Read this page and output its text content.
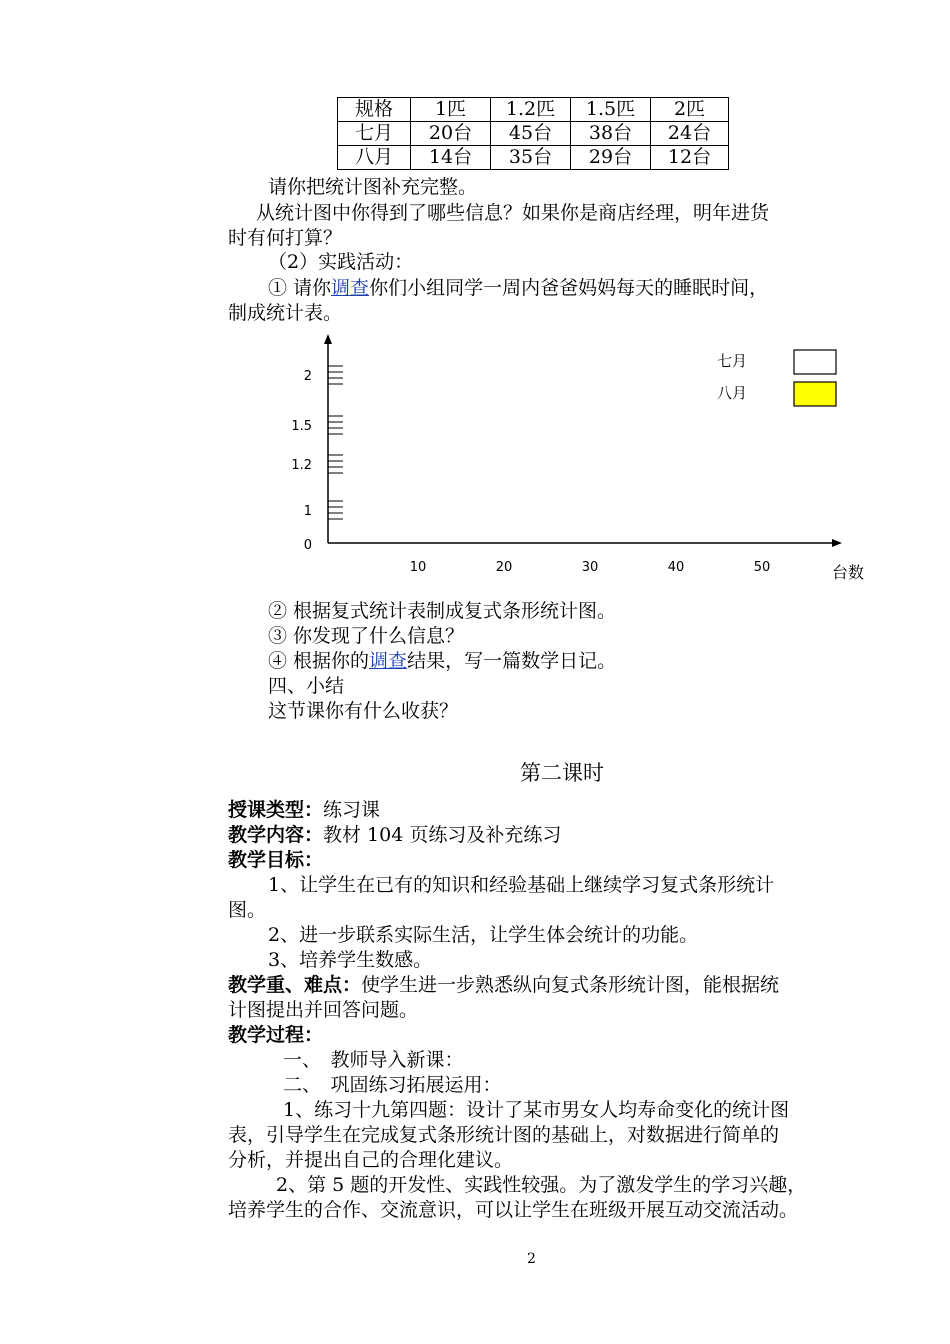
规格	1匹	1.2匹	1.5匹	2匹
七月	20台	45台	38台	24台
八月	14台	35台	29台	12台
请你把统计图补充完整。
从统计图中你得到了哪些信息？如果你是商店经理，明年进货
时有何打算？
（2）实践活动：
① 请你调查你们小组同学一周内爸爸妈妈每天的睡眠时间，
制成统计表。
1
1.2
1.5
2
0
10	20	30	40	50	台数
七月
八月
② 根据复式统计表制成复式条形统计图。
③ 你发现了什么信息？
④ 根据你的调查结果，写一篇数学日记。
四、小结
这节课你有什么收获？
第二课时
授课类型：练习课
教学内容：教材 104 页练习及补充练习
教学目标：
1、让学生在已有的知识和经验基础上继续学习复式条形统计
图。
2、进一步联系实际生活，让学生体会统计的功能。
3、培养学生数感。
教学重、难点：使学生进一步熟悉纵向复式条形统计图，能根据统
计图提出并回答问题。
教学过程：
一、　教师导入新课：
二、　巩固练习拓展运用：
1、练习十九第四题：设计了某市男女人均寿命变化的统计图
表，引导学生在完成复式条形统计图的基础上，对数据进行简单的
分析，并提出自己的合理化建议。
2、第 5 题的开发性、实践性较强。为了激发学生的学习兴趣，
培养学生的合作、交流意识，可以让学生在班级开展互动交流活动。
2
